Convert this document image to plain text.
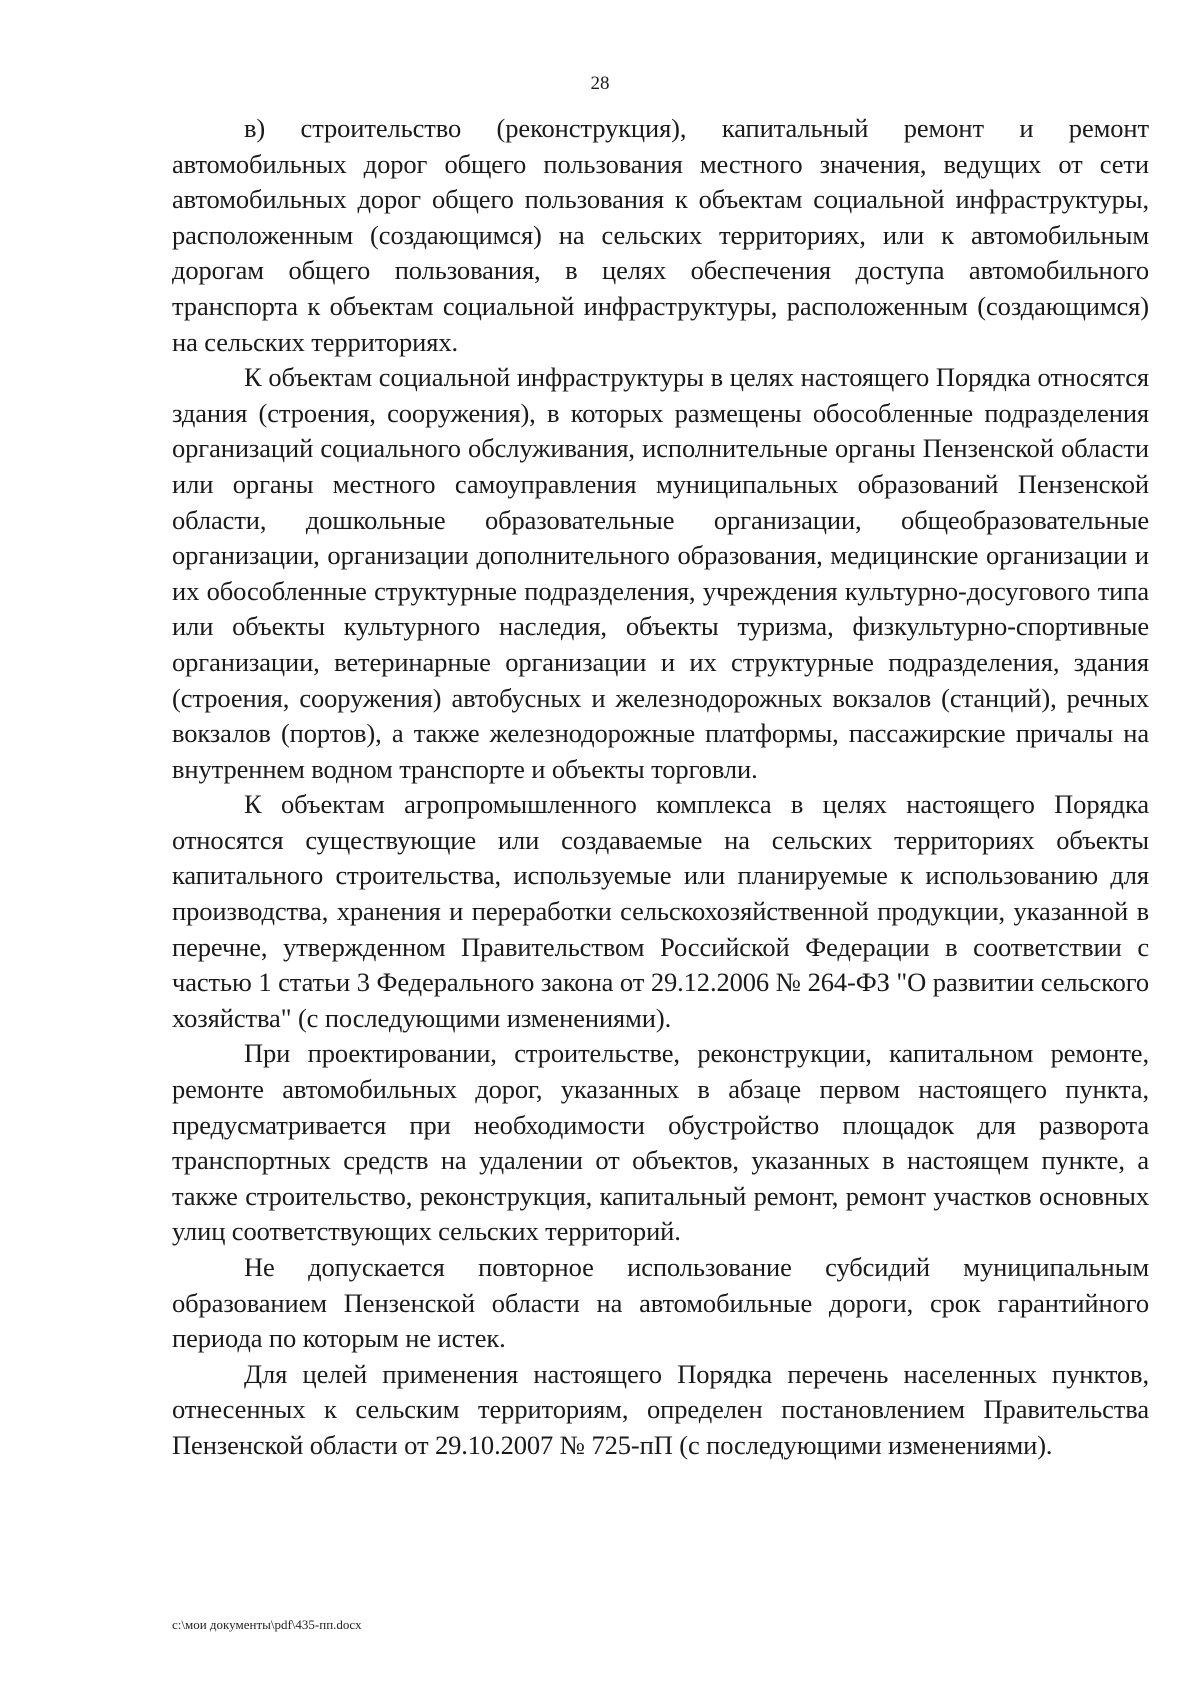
28

в) строительство (реконструкция), капитальный ремонт и ремонт автомобильных дорог общего пользования местного значения, ведущих от сети автомобильных дорог общего пользования к объектам социальной инфраструктуры, расположенным (создающимся) на сельских территориях, или к автомобильным дорогам общего пользования, в целях обеспечения доступа автомобильного транспорта к объектам социальной инфраструктуры, расположенным (создающимся) на сельских территориях.

К объектам социальной инфраструктуры в целях настоящего Порядка относятся здания (строения, сооружения), в которых размещены обособленные подразделения организаций социального обслуживания, исполнительные органы Пензенской области или органы местного самоуправления муниципальных образований Пензенской области, дошкольные образовательные организации, общеобразовательные организации, организации дополнительного образования, медицинские организации и их обособленные структурные подразделения, учреждения культурно-досугового типа или объекты культурного наследия, объекты туризма, физкультурно-спортивные организации, ветеринарные организации и их структурные подразделения, здания (строения, сооружения) автобусных и железнодорожных вокзалов (станций), речных вокзалов (портов), а также железнодорожные платформы, пассажирские причалы на внутреннем водном транспорте и объекты торговли.

К объектам агропромышленного комплекса в целях настоящего Порядка относятся существующие или создаваемые на сельских территориях объекты капитального строительства, используемые или планируемые к использованию для производства, хранения и переработки сельскохозяйственной продукции, указанной в перечне, утвержденном Правительством Российской Федерации в соответствии с частью 1 статьи 3 Федерального закона от 29.12.2006 № 264-ФЗ "О развитии сельского хозяйства" (с последующими изменениями).

При проектировании, строительстве, реконструкции, капитальном ремонте, ремонте автомобильных дорог, указанных в абзаце первом настоящего пункта, предусматривается при необходимости обустройство площадок для разворота транспортных средств на удалении от объектов, указанных в настоящем пункте, а также строительство, реконструкция, капитальный ремонт, ремонт участков основных улиц соответствующих сельских территорий.

Не допускается повторное использование субсидий муниципальным образованием Пензенской области на автомобильные дороги, срок гарантийного периода по которым не истек.

Для целей применения настоящего Порядка перечень населенных пунктов, отнесенных к сельским территориям, определен постановлением Правительства Пензенской области от 29.10.2007 № 725-пП (с последующими изменениями).

c:\мои документы\pdf\435-пп.docx
